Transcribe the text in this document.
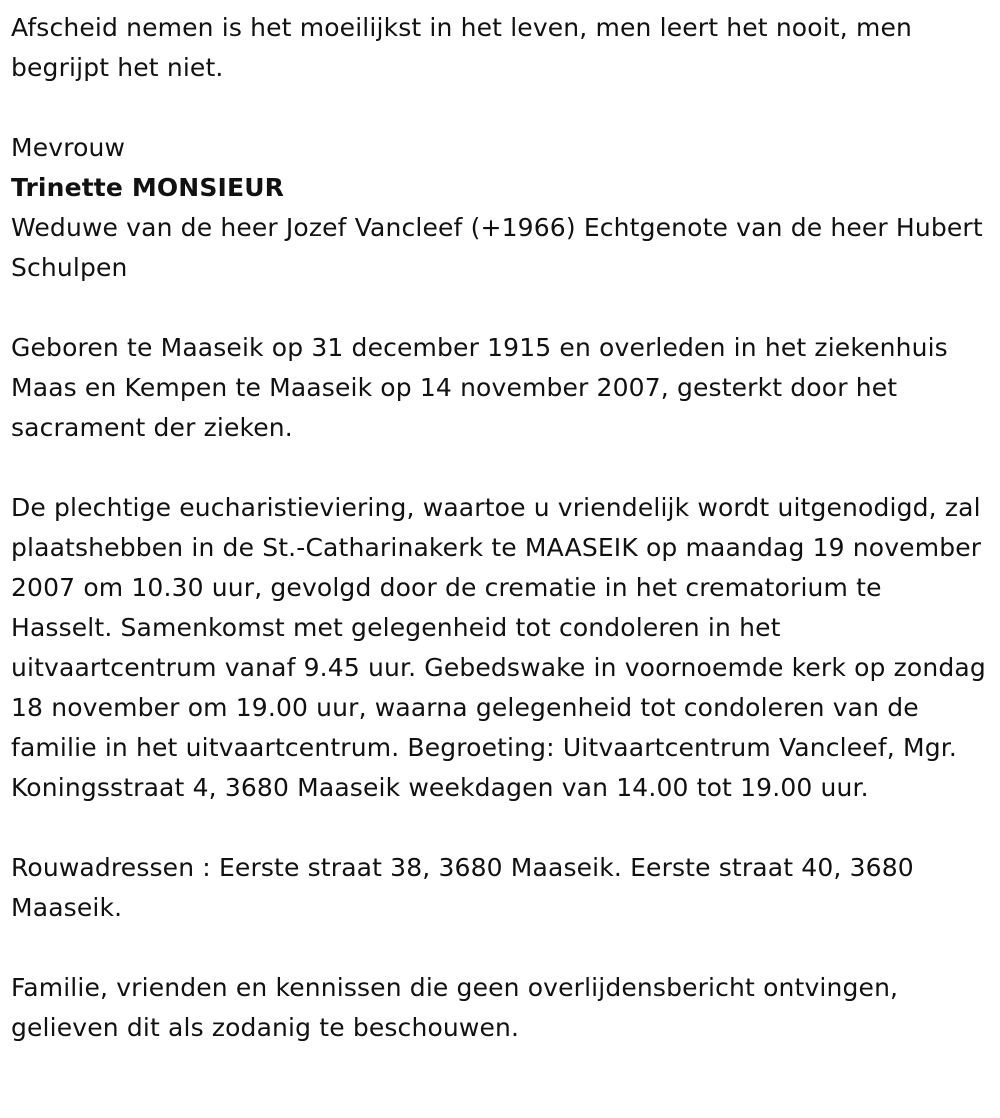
Afscheid nemen is het moeilijkst in het leven, men leert het nooit, men begrijpt het niet.

Mevrouw

Trinette MONSIEUR

Weduwe van de heer Jozef Vancleef (+1966) Echtgenote van de heer Hubert Schulpen

Geboren te Maaseik op 31 december 1915 en overleden in het ziekenhuis Maas en Kempen te Maaseik op 14 november 2007, gesterkt door het sacrament der zieken.

De plechtige eucharistieviering, waartoe u vriendelijk wordt uitgenodigd, zal plaatshebben in de St.-Catharinakerk te MAASEIK op maandag 19 november 2007 om 10.30 uur, gevolgd door de crematie in het crematorium te Hasselt. Samenkomst met gelegenheid tot condoleren in het uitvaartcentrum vanaf 9.45 uur. Gebedswake in voornoemde kerk op zondag 18 november om 19.00 uur, waarna gelegenheid tot condoleren van de familie in het uitvaartcentrum. Begroeting: Uitvaartcentrum Vancleef, Mgr. Koningsstraat 4, 3680 Maaseik weekdagen van 14.00 tot 19.00 uur.

Rouwadressen : Eerste straat 38, 3680 Maaseik. Eerste straat 40, 3680 Maaseik.

Familie, vrienden en kennissen die geen overlijdensbericht ontvingen, gelieven dit als zodanig te beschouwen.
